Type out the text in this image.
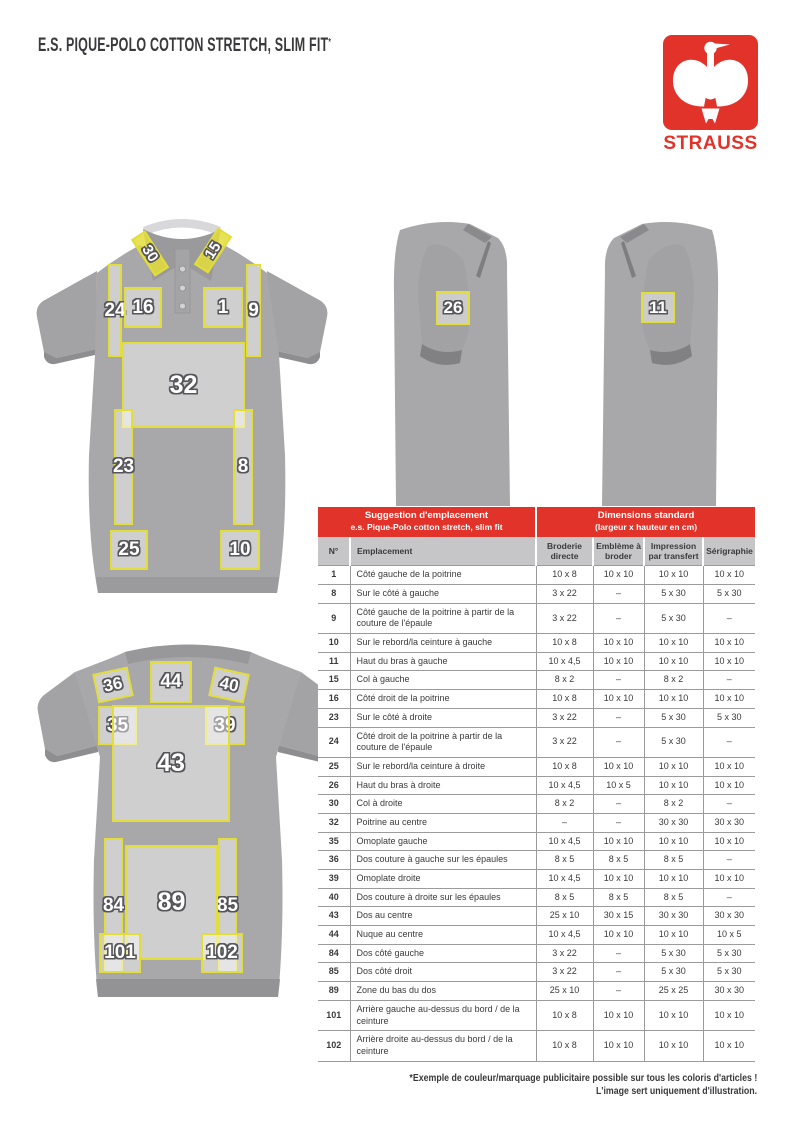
E.S. PIQUE-POLO COTTON STRETCH, SLIM FIT*
STRAUSS
Suggestion d'emplacement
e.s. Pique-Polo cotton stretch, slim fit

Dimensions standard
(largeur x hauteur en cm)

N°	Emplacement	Broderie directe	Emblème à broder	Impression par transfert	Sérigraphie
1	Côté gauche de la poitrine	10 x 8	10 x 10	10 x 10	10 x 10
8	Sur le côté à gauche	3 x 22	–	5 x 30	5 x 30
9	Côté gauche de la poitrine à partir de la couture de l'épaule	3 x 22	–	5 x 30	–
10	Sur le rebord/la ceinture à gauche	10 x 8	10 x 10	10 x 10	10 x 10
11	Haut du bras à gauche	10 x 4,5	10 x 10	10 x 10	10 x 10
15	Col à gauche	8 x 2	–	8 x 2	–
16	Côté droit de la poitrine	10 x 8	10 x 10	10 x 10	10 x 10
23	Sur le côté à droite	3 x 22	–	5 x 30	5 x 30
24	Côté droit de la poitrine à partir de la couture de l'épaule	3 x 22	–	5 x 30	–
25	Sur le rebord/la ceinture à droite	10 x 8	10 x 10	10 x 10	10 x 10
26	Haut du bras à droite	10 x 4,5	10 x 5	10 x 10	10 x 10
30	Col à droite	8 x 2	–	8 x 2	–
32	Poitrine au centre	–	–	30 x 30	30 x 30
35	Omoplate gauche	10 x 4,5	10 x 10	10 x 10	10 x 10
36	Dos couture à gauche sur les épaules	8 x 5	8 x 5	8 x 5	–
39	Omoplate droite	10 x 4,5	10 x 10	10 x 10	10 x 10
40	Dos couture à droite sur les épaules	8 x 5	8 x 5	8 x 5	–
43	Dos au centre	25 x 10	30 x 15	30 x 30	30 x 30
44	Nuque au centre	10 x 4,5	10 x 10	10 x 10	10 x 5
84	Dos côté gauche	3 x 22	–	5 x 30	5 x 30
85	Dos côté droit	3 x 22	–	5 x 30	5 x 30
89	Zone du bas du dos	25 x 10	–	25 x 25	30 x 30
101	Arrière gauche au-dessus du bord / de la ceinture	10 x 8	10 x 10	10 x 10	10 x 10
102	Arrière droite au-dessus du bord / de la ceinture	10 x 8	10 x 10	10 x 10	10 x 10
*Exemple de couleur/marquage publicitaire possible sur tous les coloris d'articles !
L'image sert uniquement d'illustration.
30	15
24 16	1	9
32
23	8
25	10
26	11
36	44	40
35	39
43
84	85
89
101	102
